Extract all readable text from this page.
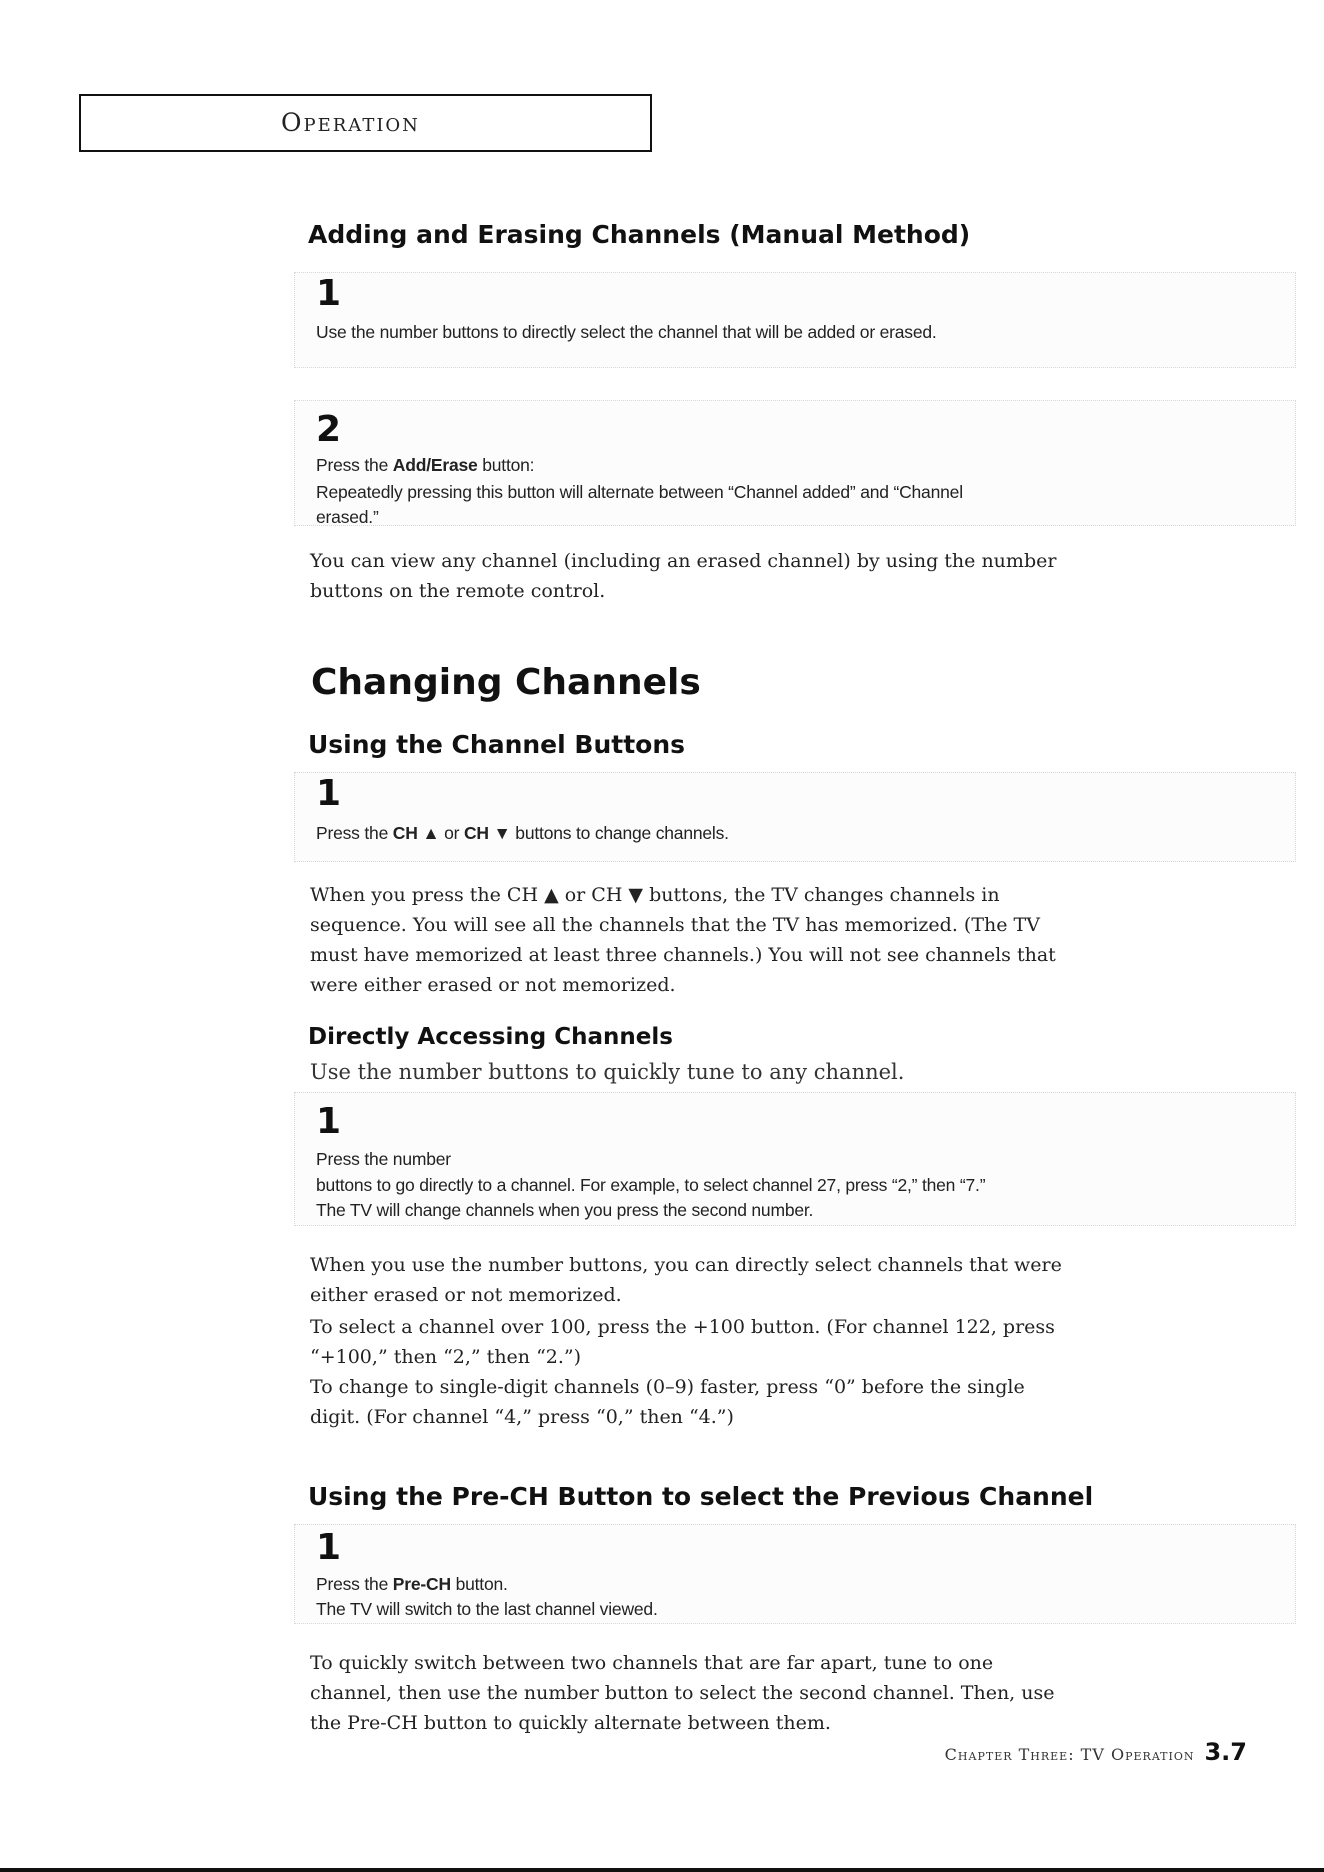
Operation
Adding and Erasing Channels (Manual Method)
1
Use the number buttons to directly select the channel that will be added or erased.
2
Press the Add/Erase button:
Repeatedly pressing this button will alternate between “Channel added” and “Channel erased.”

You can view any channel (including an erased channel) by using the number buttons on the remote control.

Changing Channels
Using the Channel Buttons
1
Press the CH ▲ or CH ▼ buttons to change channels.

When you press the CH ▲ or CH ▼ buttons, the TV changes channels in sequence. You will see all the channels that the TV has memorized. (The TV must have memorized at least three channels.) You will not see channels that were either erased or not memorized.

Directly Accessing Channels

Use the number buttons to quickly tune to any channel.

1
Press the number
buttons to go directly to a channel. For example, to select channel 27, press “2,” then “7.” The TV will change channels when you press the second number.

When you use the number buttons, you can directly select channels that were either erased or not memorized.

To select a channel over 100, press the +100 button. (For channel 122, press “+100,” then “2,” then “2.”)

To change to single-digit channels (0–9) faster, press “0” before the single digit. (For channel “4,” press “0,” then “4.”)

Using the Pre-CH Button to select the Previous Channel
1
Press the Pre-CH button.
The TV will switch to the last channel viewed.

To quickly switch between two channels that are far apart, tune to one channel, then use the number button to select the second channel. Then, use the Pre-CH button to quickly alternate between them.

Chapter Three: TV Operation 3.7
